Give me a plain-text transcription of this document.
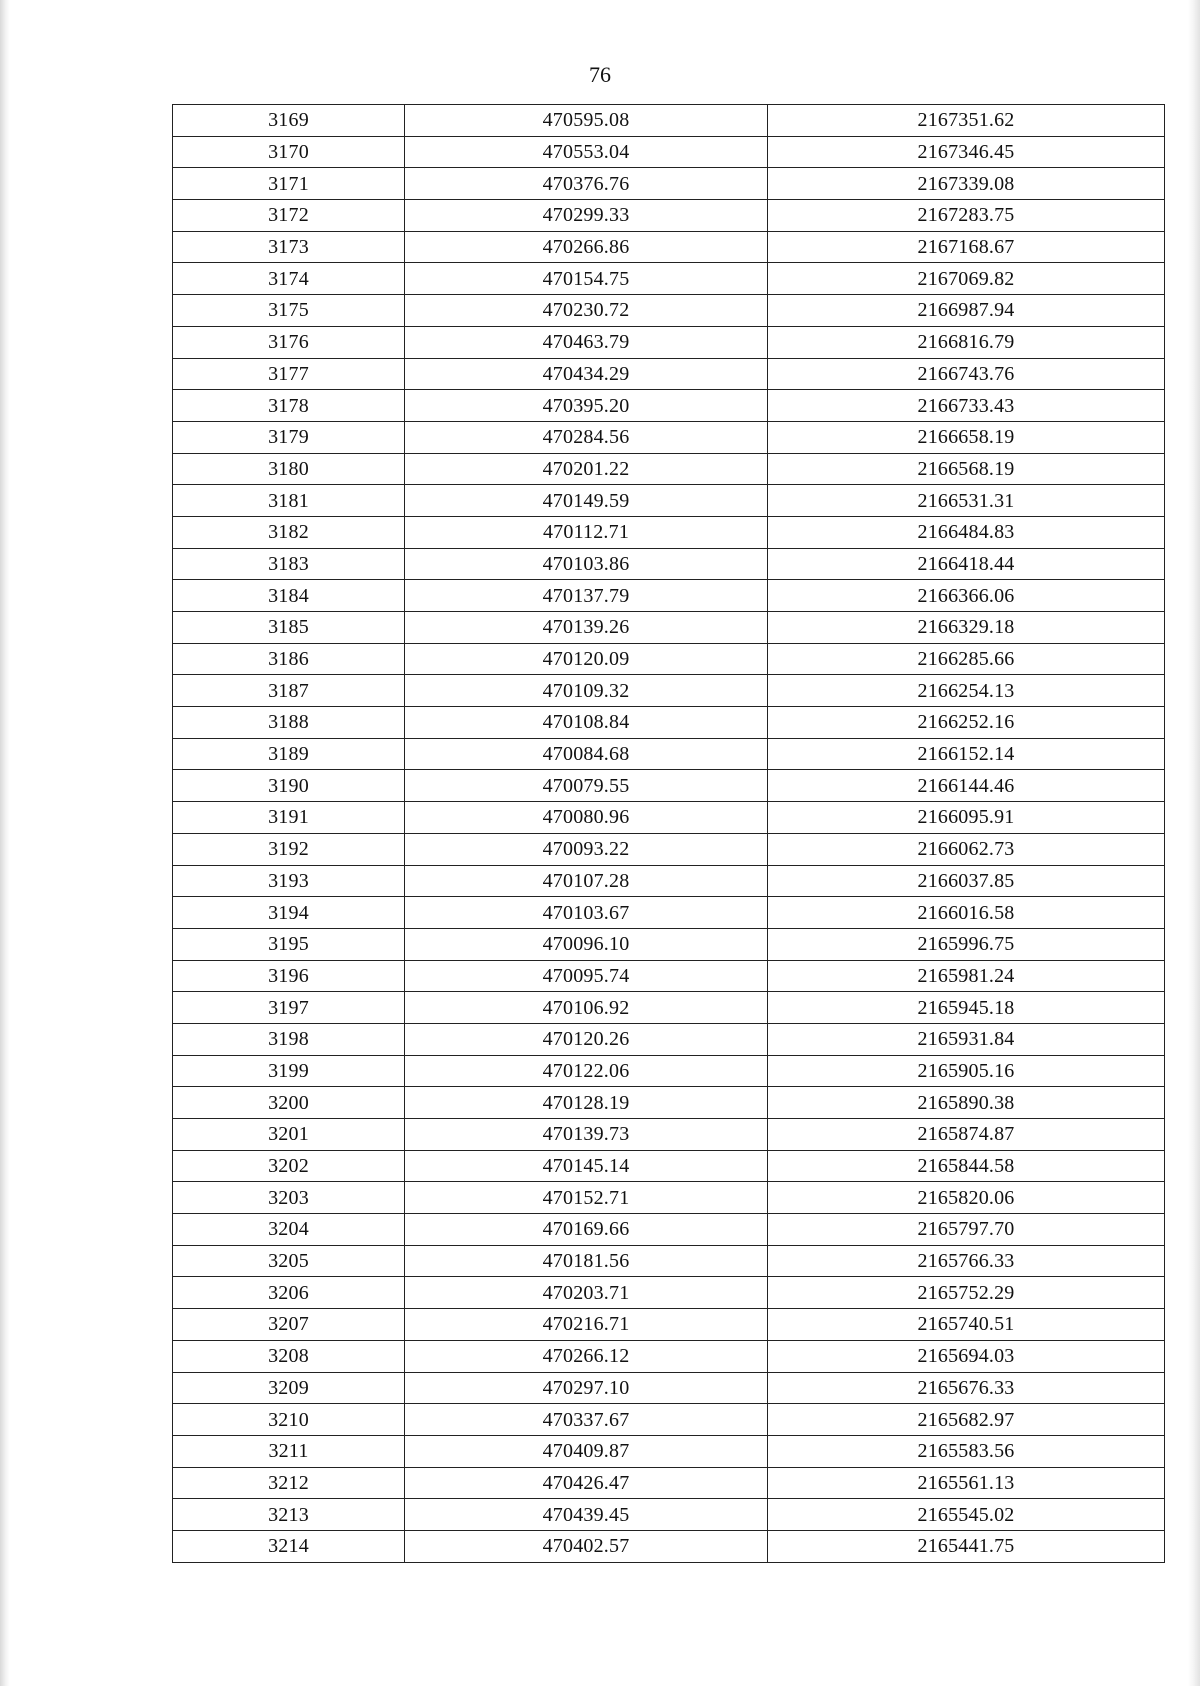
76
3169	470595.08	2167351.62
3170	470553.04	2167346.45
3171	470376.76	2167339.08
3172	470299.33	2167283.75
3173	470266.86	2167168.67
3174	470154.75	2167069.82
3175	470230.72	2166987.94
3176	470463.79	2166816.79
3177	470434.29	2166743.76
3178	470395.20	2166733.43
3179	470284.56	2166658.19
3180	470201.22	2166568.19
3181	470149.59	2166531.31
3182	470112.71	2166484.83
3183	470103.86	2166418.44
3184	470137.79	2166366.06
3185	470139.26	2166329.18
3186	470120.09	2166285.66
3187	470109.32	2166254.13
3188	470108.84	2166252.16
3189	470084.68	2166152.14
3190	470079.55	2166144.46
3191	470080.96	2166095.91
3192	470093.22	2166062.73
3193	470107.28	2166037.85
3194	470103.67	2166016.58
3195	470096.10	2165996.75
3196	470095.74	2165981.24
3197	470106.92	2165945.18
3198	470120.26	2165931.84
3199	470122.06	2165905.16
3200	470128.19	2165890.38
3201	470139.73	2165874.87
3202	470145.14	2165844.58
3203	470152.71	2165820.06
3204	470169.66	2165797.70
3205	470181.56	2165766.33
3206	470203.71	2165752.29
3207	470216.71	2165740.51
3208	470266.12	2165694.03
3209	470297.10	2165676.33
3210	470337.67	2165682.97
3211	470409.87	2165583.56
3212	470426.47	2165561.13
3213	470439.45	2165545.02
3214	470402.57	2165441.75
